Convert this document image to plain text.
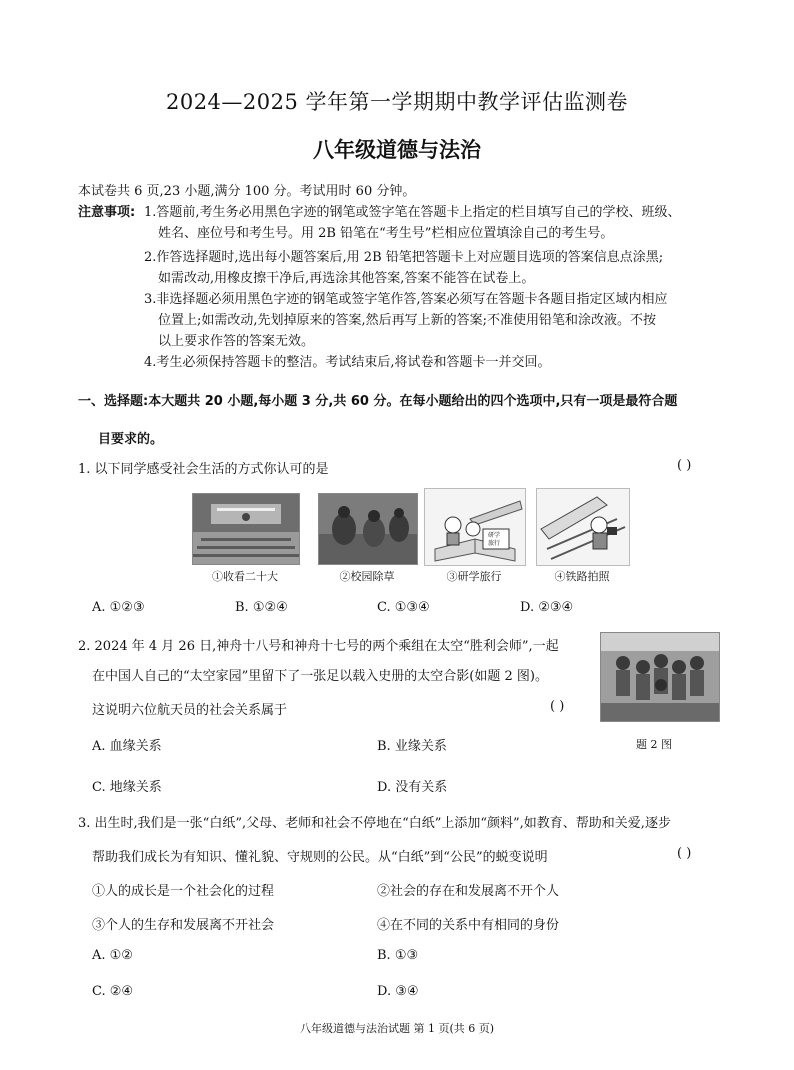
2024—2025 学年第一学期期中教学评估监测卷
八年级道德与法治
本试卷共 6 页,23 小题,满分 100 分。考试用时 60 分钟。
注意事项: 1.答题前,考生务必用黑色字迹的钢笔或签字笔在答题卡上指定的栏目填写自己的学校、班级、
姓名、座位号和考生号。用 2B 铅笔在“考生号”栏相应位置填涂自己的考生号。
2.作答选择题时,选出每小题答案后,用 2B 铅笔把答题卡上对应题目选项的答案信息点涂黑;
如需改动,用橡皮擦干净后,再选涂其他答案,答案不能答在试卷上。
3.非选择题必须用黑色字迹的钢笔或签字笔作答,答案必须写在答题卡各题目指定区域内相应
位置上;如需改动,先划掉原来的答案,然后再写上新的答案;不准使用铅笔和涂改液。不按
以上要求作答的答案无效。
4.考生必须保持答题卡的整洁。考试结束后,将试卷和答题卡一并交回。
一、选择题:本大题共 20 小题,每小题 3 分,共 60 分。在每小题给出的四个选项中,只有一项是最符合题
目要求的。
1. 以下同学感受社会生活的方式你认可的是	( )
研学
旅行
①收看二十大	②校园除草	③研学旅行	④铁路拍照
A. ①②③	B. ①②④	C. ①③④	D. ②③④
2. 2024 年 4 月 26 日,神舟十八号和神舟十七号的两个乘组在太空“胜利会师”,一起
在中国人自己的“太空家园”里留下了一张足以载入史册的太空合影(如题 2 图)。
这说明六位航天员的社会关系属于	( )
题 2 图
A. 血缘关系	B. 业缘关系
C. 地缘关系	D. 没有关系
3. 出生时,我们是一张“白纸”,父母、老师和社会不停地在“白纸”上添加“颜料”,如教育、帮助和关爱,逐步
帮助我们成长为有知识、懂礼貌、守规则的公民。从“白纸”到“公民”的蜕变说明	( )
①人的成长是一个社会化的过程	②社会的存在和发展离不开个人
③个人的生存和发展离不开社会	④在不同的关系中有相同的身份
A. ①②	B. ①③
C. ②④	D. ③④
八年级道德与法治试题 第 1 页(共 6 页)
